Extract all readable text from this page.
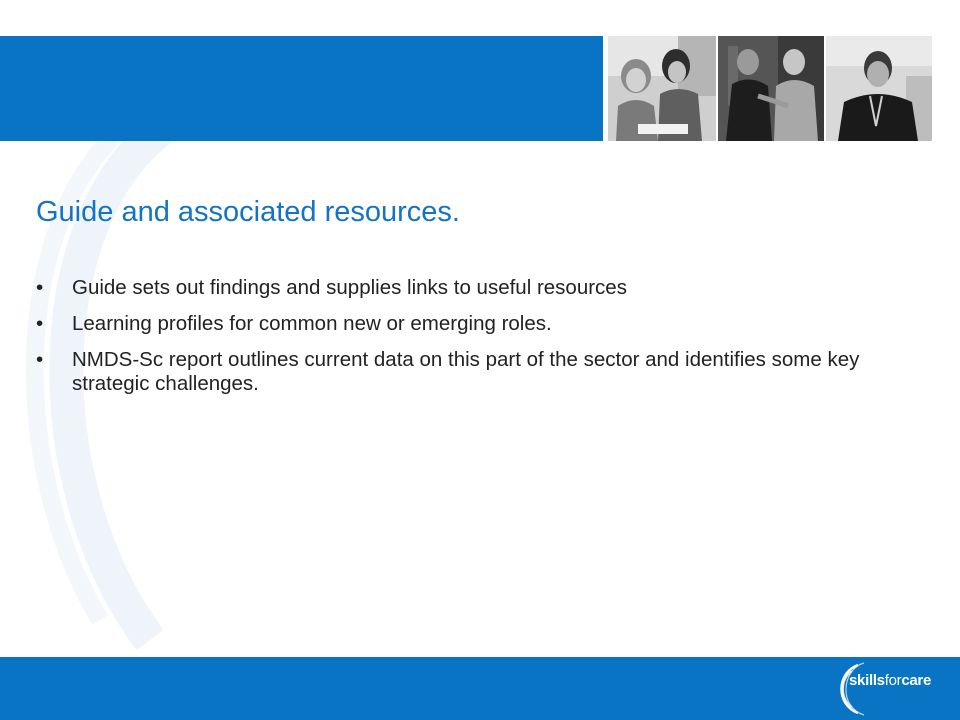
Guide and associated resources.
• Guide sets out findings and supplies links to useful resources
• Learning profiles for common new or emerging roles.
• NMDS-Sc report outlines current data on this part of the sector and identifies some key strategic challenges.
skillsforcare
